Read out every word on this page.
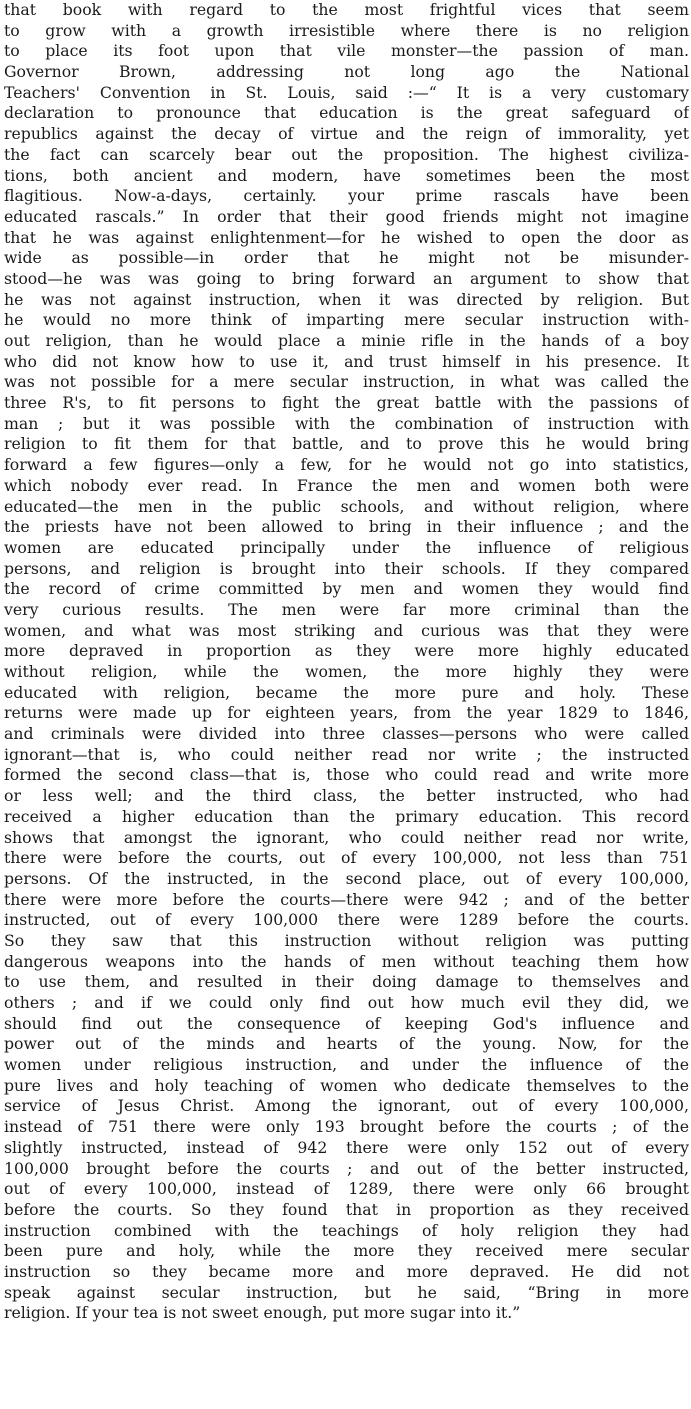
that book with regard to the most frightful vices that seem
to grow with a growth irresistible where there is no religion
to place its foot upon that vile monster—the passion of man.
Governor Brown, addressing not long ago the National
Teachers' Convention in St. Louis, said :—“ It is a very customary
declaration to pronounce that education is the great safeguard of
republics against the decay of virtue and the reign of immorality, yet
the fact can scarcely bear out the proposition. The highest civiliza-
tions, both ancient and modern, have sometimes been the most
flagitious. Now-a-days, certainly. your prime rascals have been
educated rascals.” In order that their good friends might not imagine
that he was against enlightenment—for he wished to open the door as
wide as possible—in order that he might not be misunder-
stood—he was was going to bring forward an argument to show that
he was not against instruction, when it was directed by religion. But
he would no more think of imparting mere secular instruction with-
out religion, than he would place a minie rifle in the hands of a boy
who did not know how to use it, and trust himself in his presence. It
was not possible for a mere secular instruction, in what was called the
three R's, to fit persons to fight the great battle with the passions of
man ; but it was possible with the combination of instruction with
religion to fit them for that battle, and to prove this he would bring
forward a few figures—only a few, for he would not go into statistics,
which nobody ever read. In France the men and women both were
educated—the men in the public schools, and without religion, where
the priests have not been allowed to bring in their influence ; and the
women are educated principally under the influence of religious
persons, and religion is brought into their schools. If they compared
the record of crime committed by men and women they would find
very curious results. The men were far more criminal than the
women, and what was most striking and curious was that they were
more depraved in proportion as they were more highly educated
without religion, while the women, the more highly they were
educated with religion, became the more pure and holy. These
returns were made up for eighteen years, from the year 1829 to 1846,
and criminals were divided into three classes—persons who were called
ignorant—that is, who could neither read nor write ; the instructed
formed the second class—that is, those who could read and write more
or less well; and the third class, the better instructed, who had
received a higher education than the primary education. This record
shows that amongst the ignorant, who could neither read nor write,
there were before the courts, out of every 100,000, not less than 751
persons. Of the instructed, in the second place, out of every 100,000,
there were more before the courts—there were 942 ; and of the better
instructed, out of every 100,000 there were 1289 before the courts.
So they saw that this instruction without religion was putting
dangerous weapons into the hands of men without teaching them how
to use them, and resulted in their doing damage to themselves and
others ; and if we could only find out how much evil they did, we
should find out the consequence of keeping God's influence and
power out of the minds and hearts of the young. Now, for the
women under religious instruction, and under the influence of the
pure lives and holy teaching of women who dedicate themselves to the
service of Jesus Christ. Among the ignorant, out of every 100,000,
instead of 751 there were only 193 brought before the courts ; of the
slightly instructed, instead of 942 there were only 152 out of every
100,000 brought before the courts ; and out of the better instructed,
out of every 100,000, instead of 1289, there were only 66 brought
before the courts. So they found that in proportion as they received
instruction combined with the teachings of holy religion they had
been pure and holy, while the more they received mere secular
instruction so they became more and more depraved. He did not
speak against secular instruction, but he said, “Bring in more
religion. If your tea is not sweet enough, put more sugar into it.”
